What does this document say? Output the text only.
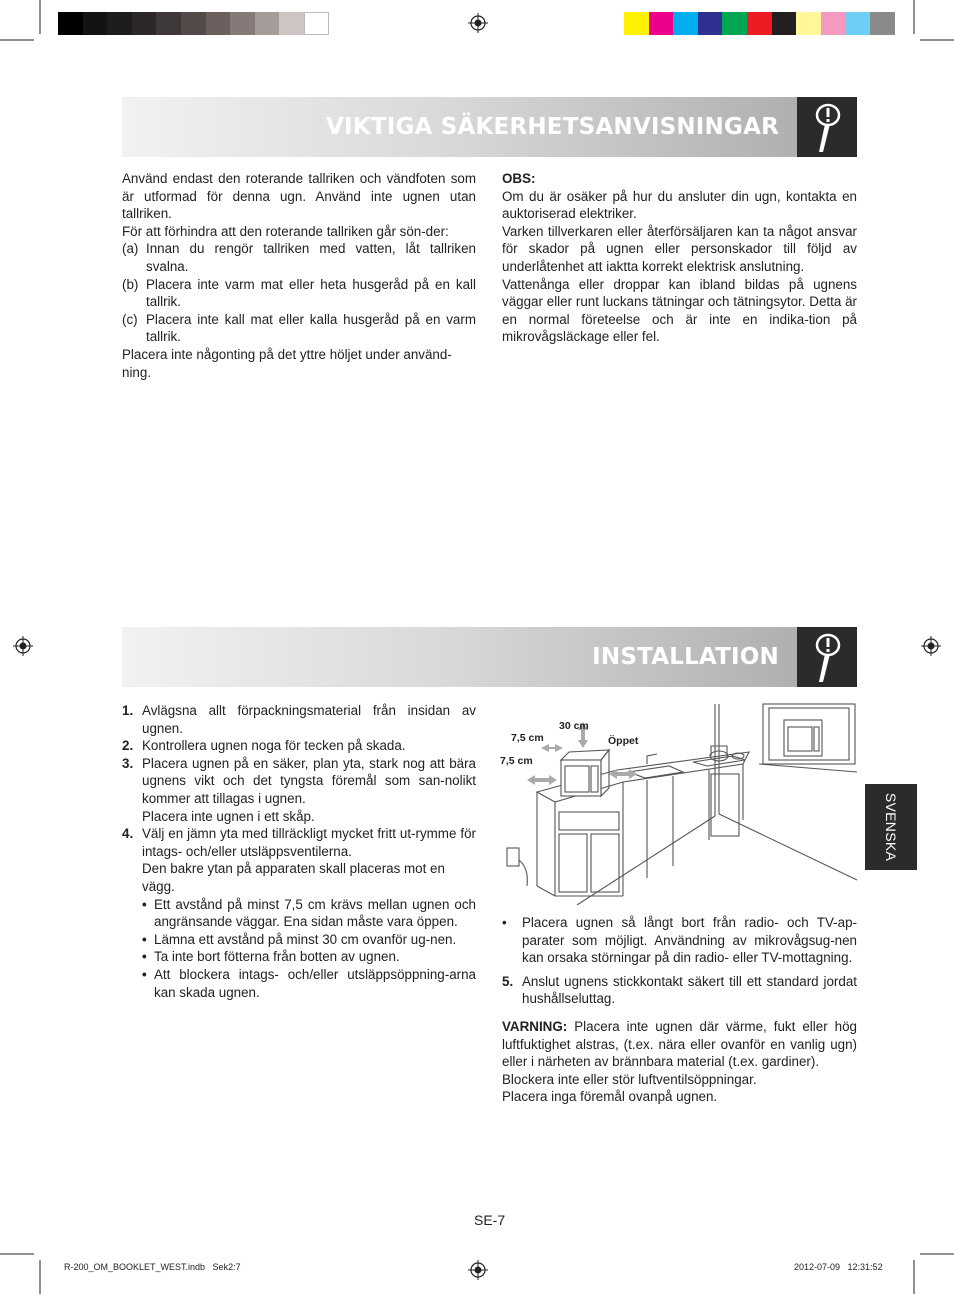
VIKTIGA SÄKERHETSANVISNINGAR

Använd endast den roterande tallriken och vändfoten som är utformad för denna ugn. Använd inte ugnen utan tallriken.

För att förhindra att den roterande tallriken går sön-der:

(a) Innan du rengör tallriken med vatten, låt tallriken svalna.
(b) Placera inte varm mat eller heta husgeråd på en kall tallrik.
(c) Placera inte kall mat eller kalla husgeråd på en varm tallrik.

Placera inte någonting på det yttre höljet under använd-ning.

OBS:

Om du är osäker på hur du ansluter din ugn, kontakta en auktoriserad elektriker.

Varken tillverkaren eller återförsäljaren kan ta något ansvar för skador på ugnen eller personskador till följd av underlåtenhet att iakttа korrekt elektrisk anslutning.

Vattenånga eller droppar kan ibland bildas på ugnens väggar eller runt luckans tätningar och tätningsytor. Detta är en normal företeelse och är inte en indika-tion på mikrovågsläckage eller fel.

INSTALLATION
1. Avlägsna allt förpackningsmaterial från insidan av ugnen.
2. Kontrollera ugnen noga för tecken på skada.
3. Placera ugnen på en säker, plan yta, stark nog att bära ugnens vikt och det tyngsta föremål som san-nolikt kommer att tillagas i ugnen.
Placera inte ugnen i ett skåp.
4. Välj en jämn yta med tillräckligt mycket fritt ut-rymme för intags- och/eller utsläppsventilerna.

Den bakre ytan på apparaten skall placeras mot en vägg.
• Ett avstånd på minst 7,5 cm krävs mellan ugnen och angränsande väggar. Ena sidan måste vara öppen.
• Lämna ett avstånd på minst 30 cm ovanför ug-nen.
• Ta inte bort fötterna från botten av ugnen.
• Att blockera intags- och/eller utsläppsöppning-arna kan skada ugnen.
30 cm
7,5 cm
7,5 cm
Öppet
•	Placera ugnen så långt bort från radio- och TV-ap-parater som möjligt. Användning av mikrovågsug-nen kan orsaka störningar på din radio- eller TV-mottagning.
5. Anslut ugnens stickkontakt säkert till ett standard jordat hushållseluttag.

VARNING: Placera inte ugnen där värme, fukt eller hög luftfuktighet alstras, (t.ex. nära eller ovanför en vanlig ugn) eller i närheten av brännbara material (t.ex. gardiner).

Blockera inte eller stör luftventilsöppningar.

Placera inga föremål ovanpå ugnen.

SVENSKA
SE-7
R-200_OM_BOOKLET_WEST.indb   Sek2:7	2012-07-09   12:31:52
